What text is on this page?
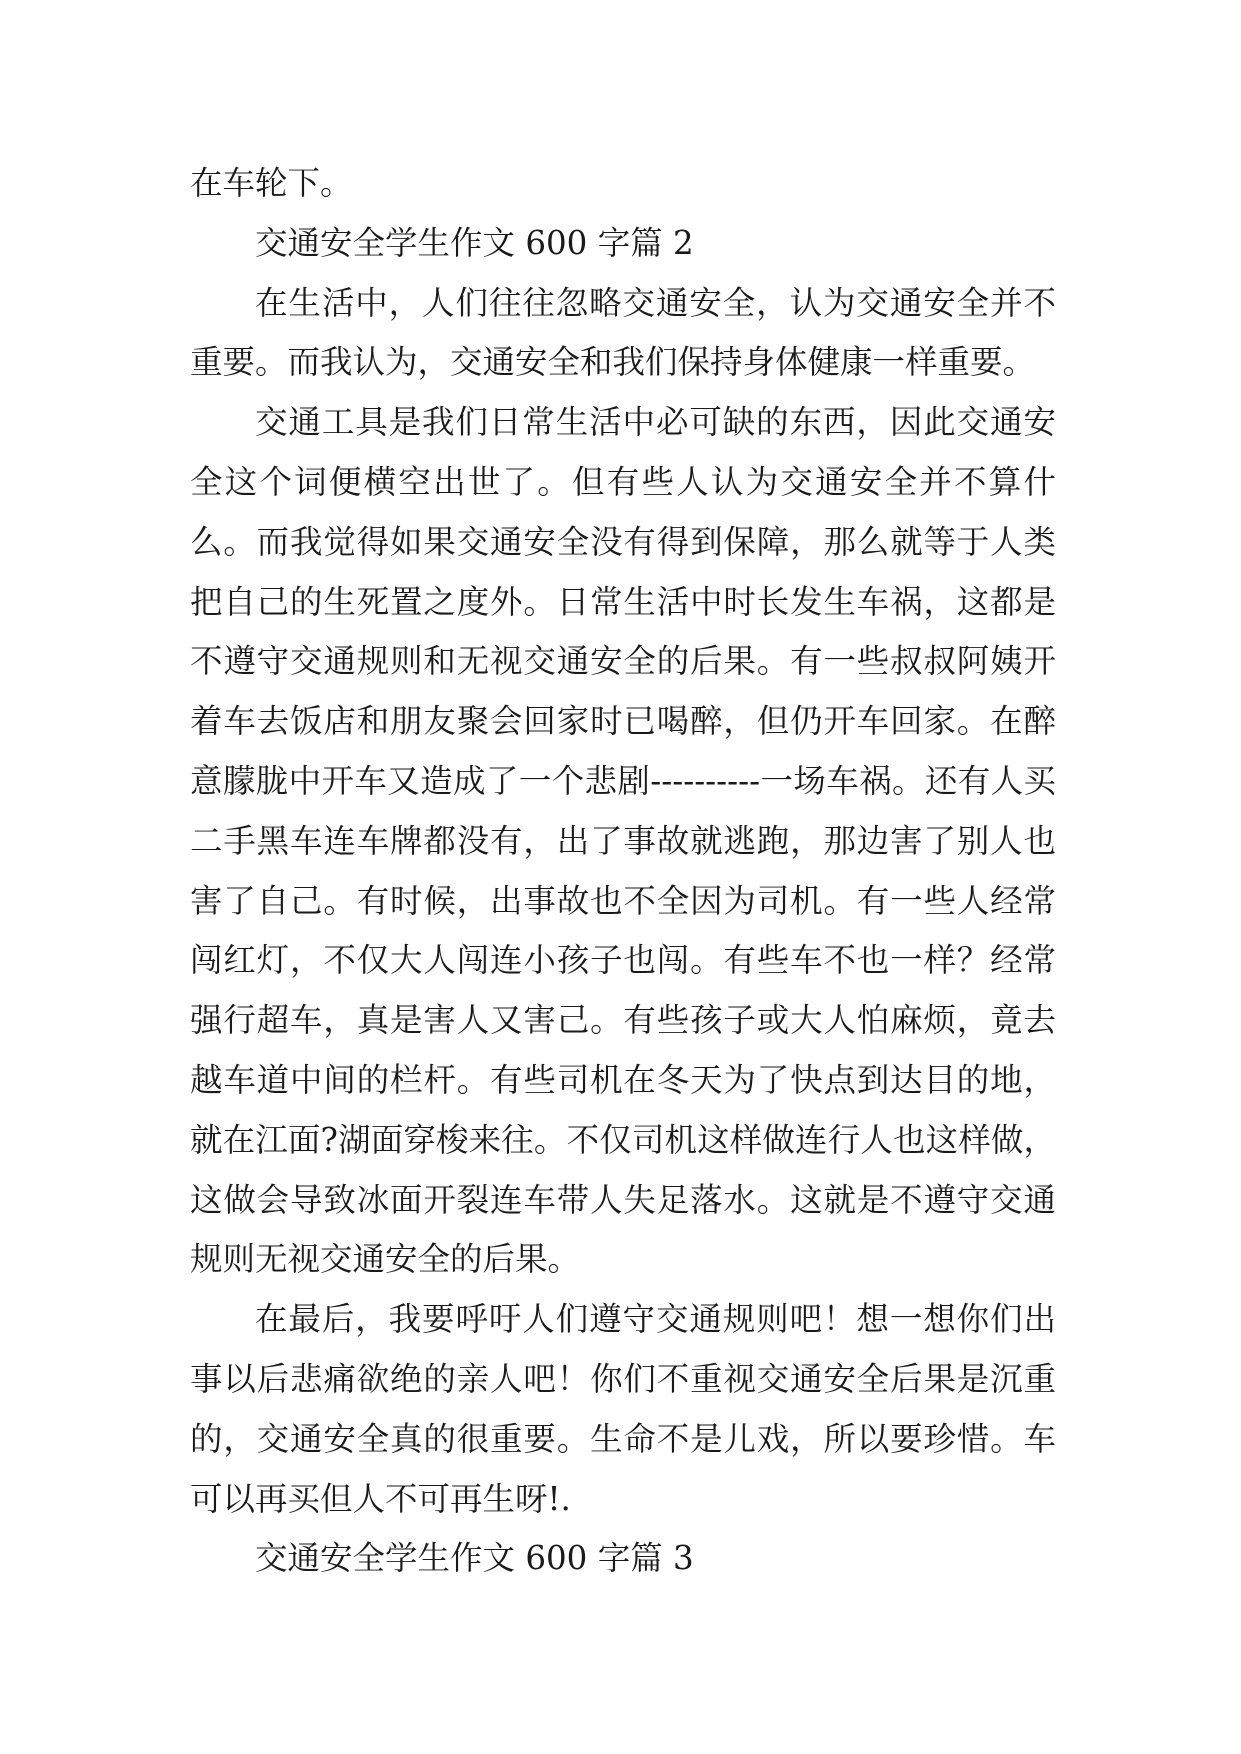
在车轮下。

交通安全学生作文 600 字篇 2

在生活中，人们往往忽略交通安全，认为交通安全并不重要。而我认为，交通安全和我们保持身体健康一样重要。

交通工具是我们日常生活中必可缺的东西，因此交通安全这个词便横空出世了。但有些人认为交通安全并不算什么。而我觉得如果交通安全没有得到保障，那么就等于人类把自己的生死置之度外。日常生活中时长发生车祸，这都是不遵守交通规则和无视交通安全的后果。有一些叔叔阿姨开着车去饭店和朋友聚会回家时已喝醉，但仍开车回家。在醉意朦胧中开车又造成了一个悲剧----------一场车祸。还有人买二手黑车连车牌都没有，出了事故就逃跑，那边害了别人也害了自己。有时候，出事故也不全因为司机。有一些人经常闯红灯，不仅大人闯连小孩子也闯。有些车不也一样？经常强行超车，真是害人又害己。有些孩子或大人怕麻烦，竟去越车道中间的栏杆。有些司机在冬天为了快点到达目的地，就在江面?湖面穿梭来往。不仅司机这样做连行人也这样做，这做会导致冰面开裂连车带人失足落水。这就是不遵守交通规则无视交通安全的后果。

在最后，我要呼吁人们遵守交通规则吧！想一想你们出事以后悲痛欲绝的亲人吧！你们不重视交通安全后果是沉重的，交通安全真的很重要。生命不是儿戏，所以要珍惜。车可以再买但人不可再生呀!.

交通安全学生作文 600 字篇 3
